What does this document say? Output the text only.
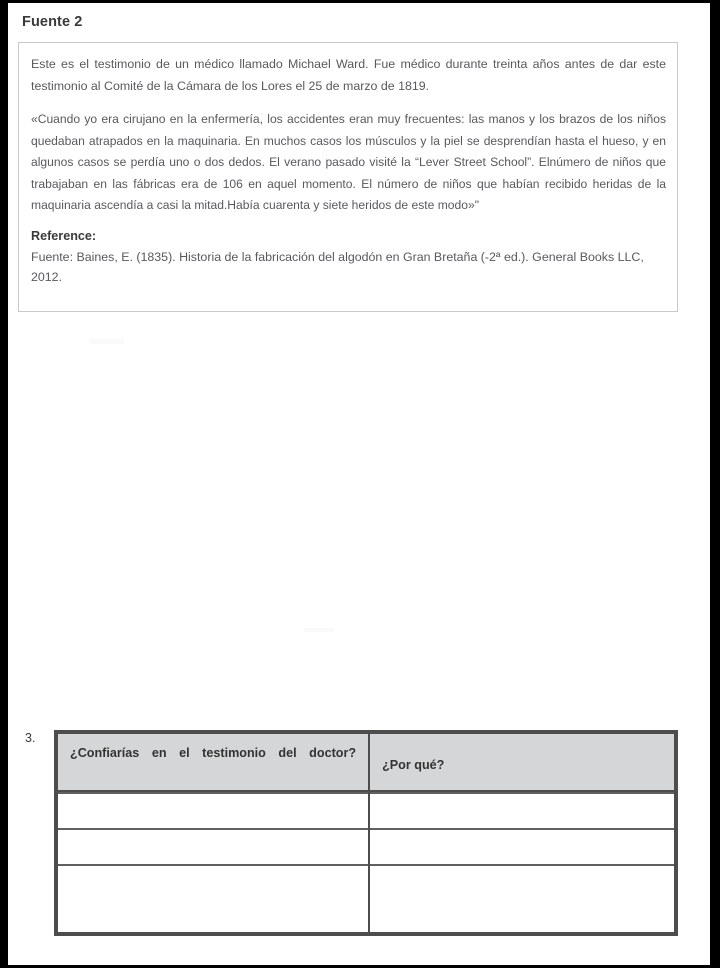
Fuente 2

Este es el testimonio de un médico llamado Michael Ward. Fue médico durante treinta años antes de dar este testimonio al Comité de la Cámara de los Lores el 25 de marzo de 1819.

«Cuando yo era cirujano en la enfermería, los accidentes eran muy frecuentes: las manos y los brazos de los niños quedaban atrapados en la maquinaria. En muchos casos los músculos y la piel se desprendían hasta el hueso, y en algunos casos se perdía uno o dos dedos. El verano pasado visité la “Lever Street School”. Elnúmero de niños que trabajaban en las fábricas era de 106 en aquel momento. El número de niños que habían recibido heridas de la maquinaria ascendía a casi la mitad.Había cuarenta y siete heridos de este modo»"

Reference:

Fuente: Baines, E. (1835). Historia de la fabricación del algodón en Gran Bretaña (-2ª ed.). General Books LLC, 2012.

3.
¿Confiarías en el testimonio del doctor?	¿Por qué?
